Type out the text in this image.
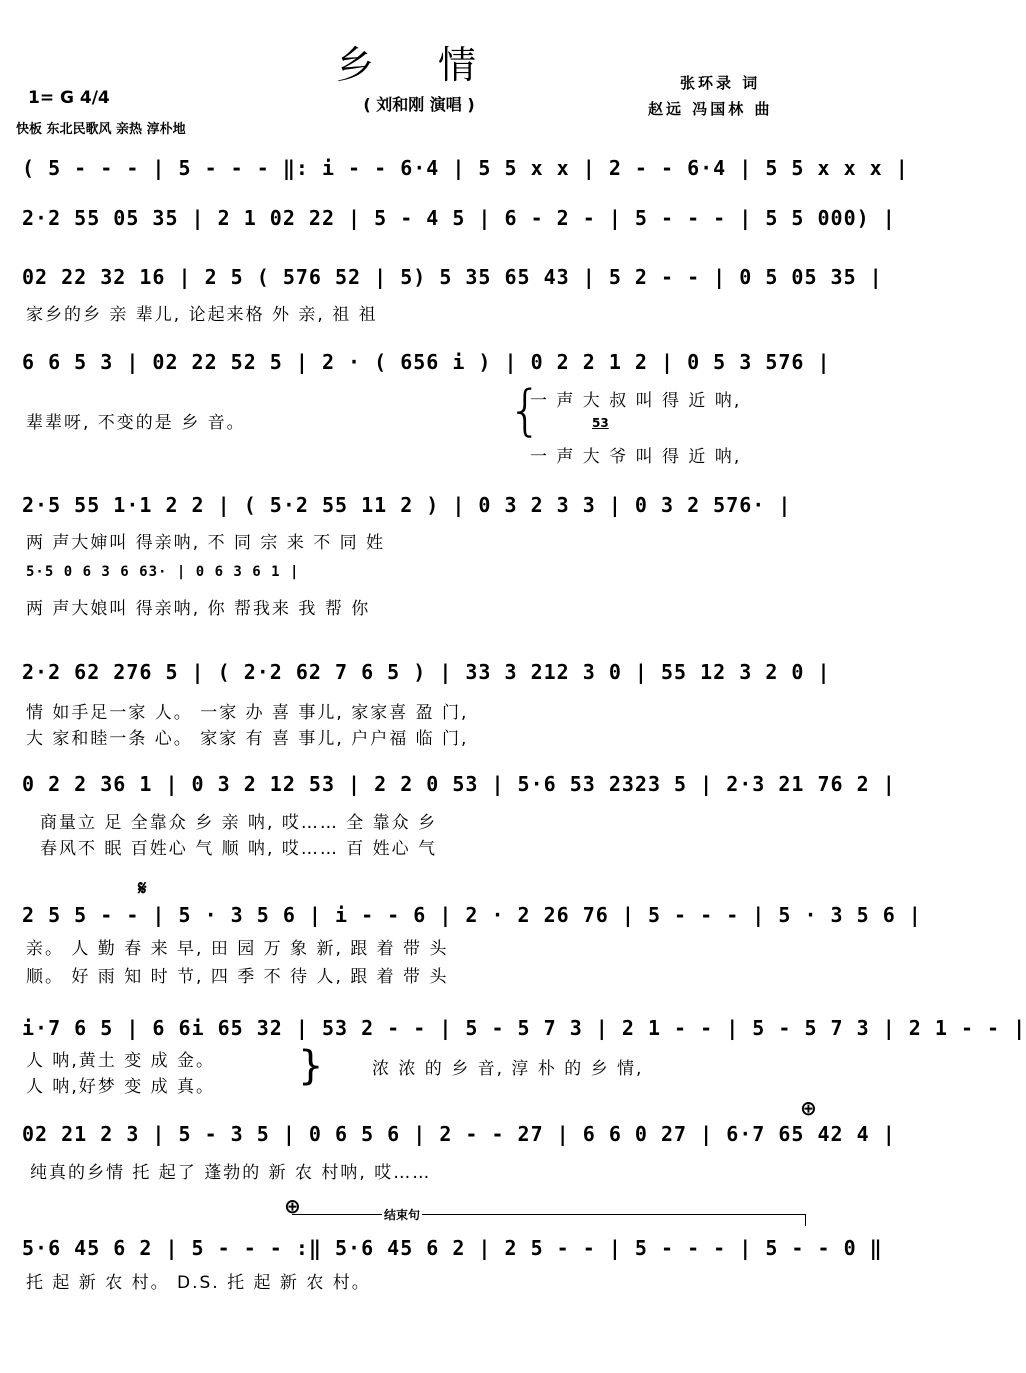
乡 情
( 刘和刚 演唱 )
张环录 词
赵远 冯国林 曲
1= G 4/4
快板 东北民歌风 亲热 淳朴地
( 5 - - - | 5 - - - ‖: i - - 6·4 | 5 5 x x | 2 - - 6·4 | 5 5 x x x |
2·2 55 05 35 | 2 1 02 22 | 5 - 4 5 | 6 - 2 - | 5 - - - | 5 5 000) |
02 22 32 16 | 2 5 ( 576 52 | 5) 5 35 65 43 | 5 2 - - | 0 5 05 35 |
家乡的乡 亲 辈儿, 论起来格 外 亲, 祖 祖
6 6 5 3 | 02 22 52 5 | 2 · ( 656 i ) | 0 2 2 1 2 | 0 5 3 576 |
辈辈呀, 不变的是 乡 音。	{
一 声 大 叔 叫 得 近 呐,
53
一 声 大 爷 叫 得 近 呐,
2·5 55 1·1 2 2 | ( 5·2 55 11 2 ) | 0 3 2 3 3 | 0 3 2 576· |
两 声大婶叫 得亲呐, 不 同 宗 来 不 同 姓
5·5 0 6 3 6 63· | 0 6 3 6 1 |
两 声大娘叫 得亲呐, 你 帮我来 我 帮 你
2·2 62 276 5 | ( 2·2 62 7 6 5 ) | 33 3 212 3 0 | 55 12 3 2 0 |
情 如手足一家 人。 一家 办 喜 事儿, 家家喜 盈 门,
大 家和睦一条 心。 家家 有 喜 事儿, 户户福 临 门,
0 2 2 36 1 | 0 3 2 12 53 | 2 2 0 53 | 5·6 53 2323 5 | 2·3 21 76 2 |
商量立 足 全靠众 乡 亲 呐, 哎…… 全 靠众 乡
春风不 眠 百姓心 气 顺 呐, 哎…… 百 姓心 气
𝄋
2 5 5 - - | 5 · 3 5 6 | i - - 6 | 2 · 2 26 76 | 5 - - - | 5 · 3 5 6 |
亲。 人 勤 春 来 早, 田 园 万 象 新, 跟 着 带 头
顺。 好 雨 知 时 节, 四 季 不 待 人, 跟 着 带 头
i·7 6 5 | 6 6i 65 32 | 53 2 - - | 5 - 5 7 3 | 2 1 - - | 5 - 5 7 3 | 2 1 - - |
人 呐,黄土 变 成 金。
人 呐,好梦 变 成 真。 }	浓 浓 的 乡 音, 淳 朴 的 乡 情,
⊕
02 21 2 3 | 5 - 3 5 | 0 6 5 6 | 2 - - 27 | 6 6 0 27 | 6·7 65 42 4 |
纯真的乡情 托 起了 蓬勃的 新 农 村呐, 哎……
⊕	结束句
5·6 45 6 2 | 5 - - - :‖ 5·6 45 6 2 | 2 5 - - | 5 - - - | 5 - - 0 ‖
托 起 新 农 村。 D.S. 托 起 新 农 村。
